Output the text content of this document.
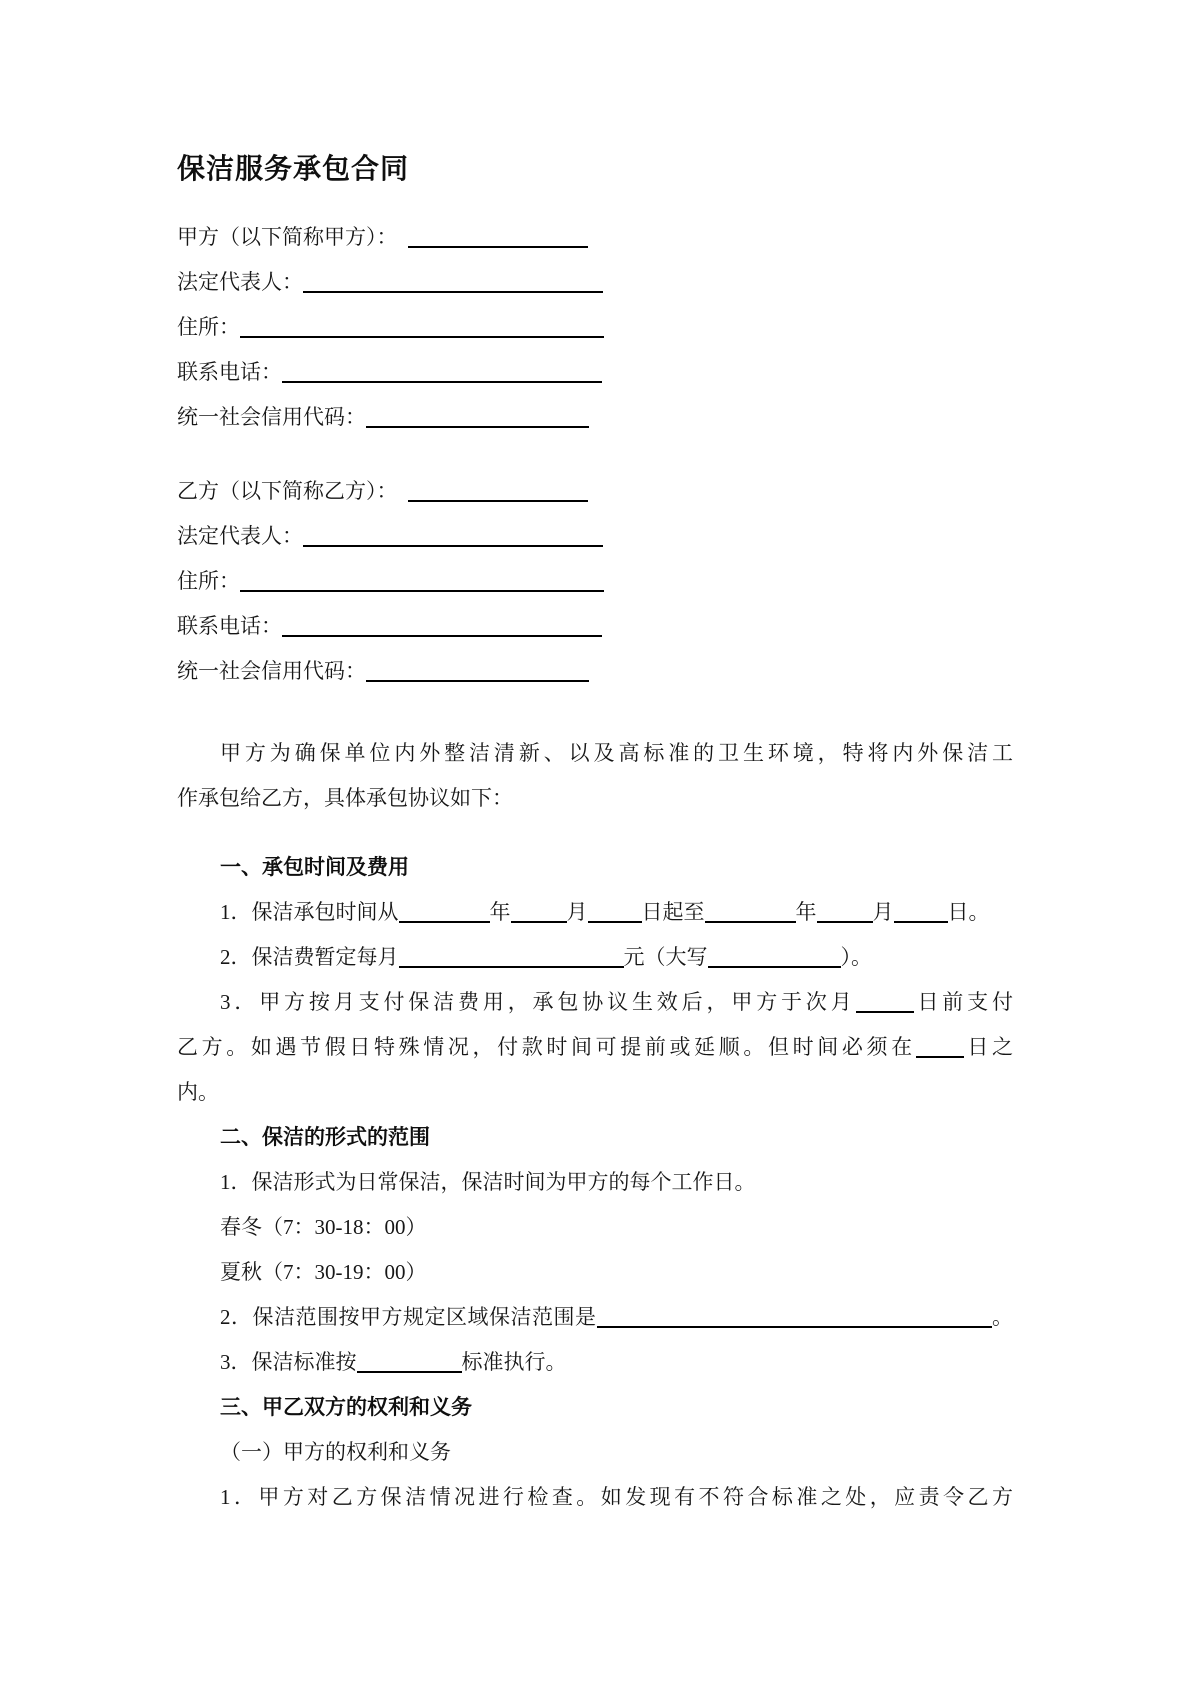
保洁服务承包合同
甲方（以下简称甲方）：　
法定代表人：
住所：
联系电话：
统一社会信用代码：
乙方（以下简称乙方）：　
法定代表人：
住所：
联系电话：
统一社会信用代码：
甲方为确保单位内外整洁清新、以及高标准的卫生环境，特将内外保洁工
作承包给乙方，具体承包协议如下：
一、承包时间及费用
1．保洁承包时间从	年	月	日起至	年	月	日。
2．保洁费暂定每月	元（大写	）。
3．甲方按月支付保洁费用，承包协议生效后，甲方于次月	日前支付
乙方。如遇节假日特殊情况，付款时间可提前或延顺。但时间必须在 日之
内。
二、保洁的形式的范围
1．保洁形式为日常保洁，保洁时间为甲方的每个工作日。
春冬（7：30-18：00）
夏秋（7：30-19：00）
2．保洁范围按甲方规定区域保洁范围是	。
3．保洁标准按	标准执行。
三、甲乙双方的权利和义务
（一）甲方的权利和义务
1．甲方对乙方保洁情况进行检查。如发现有不符合标准之处，应责令乙方
